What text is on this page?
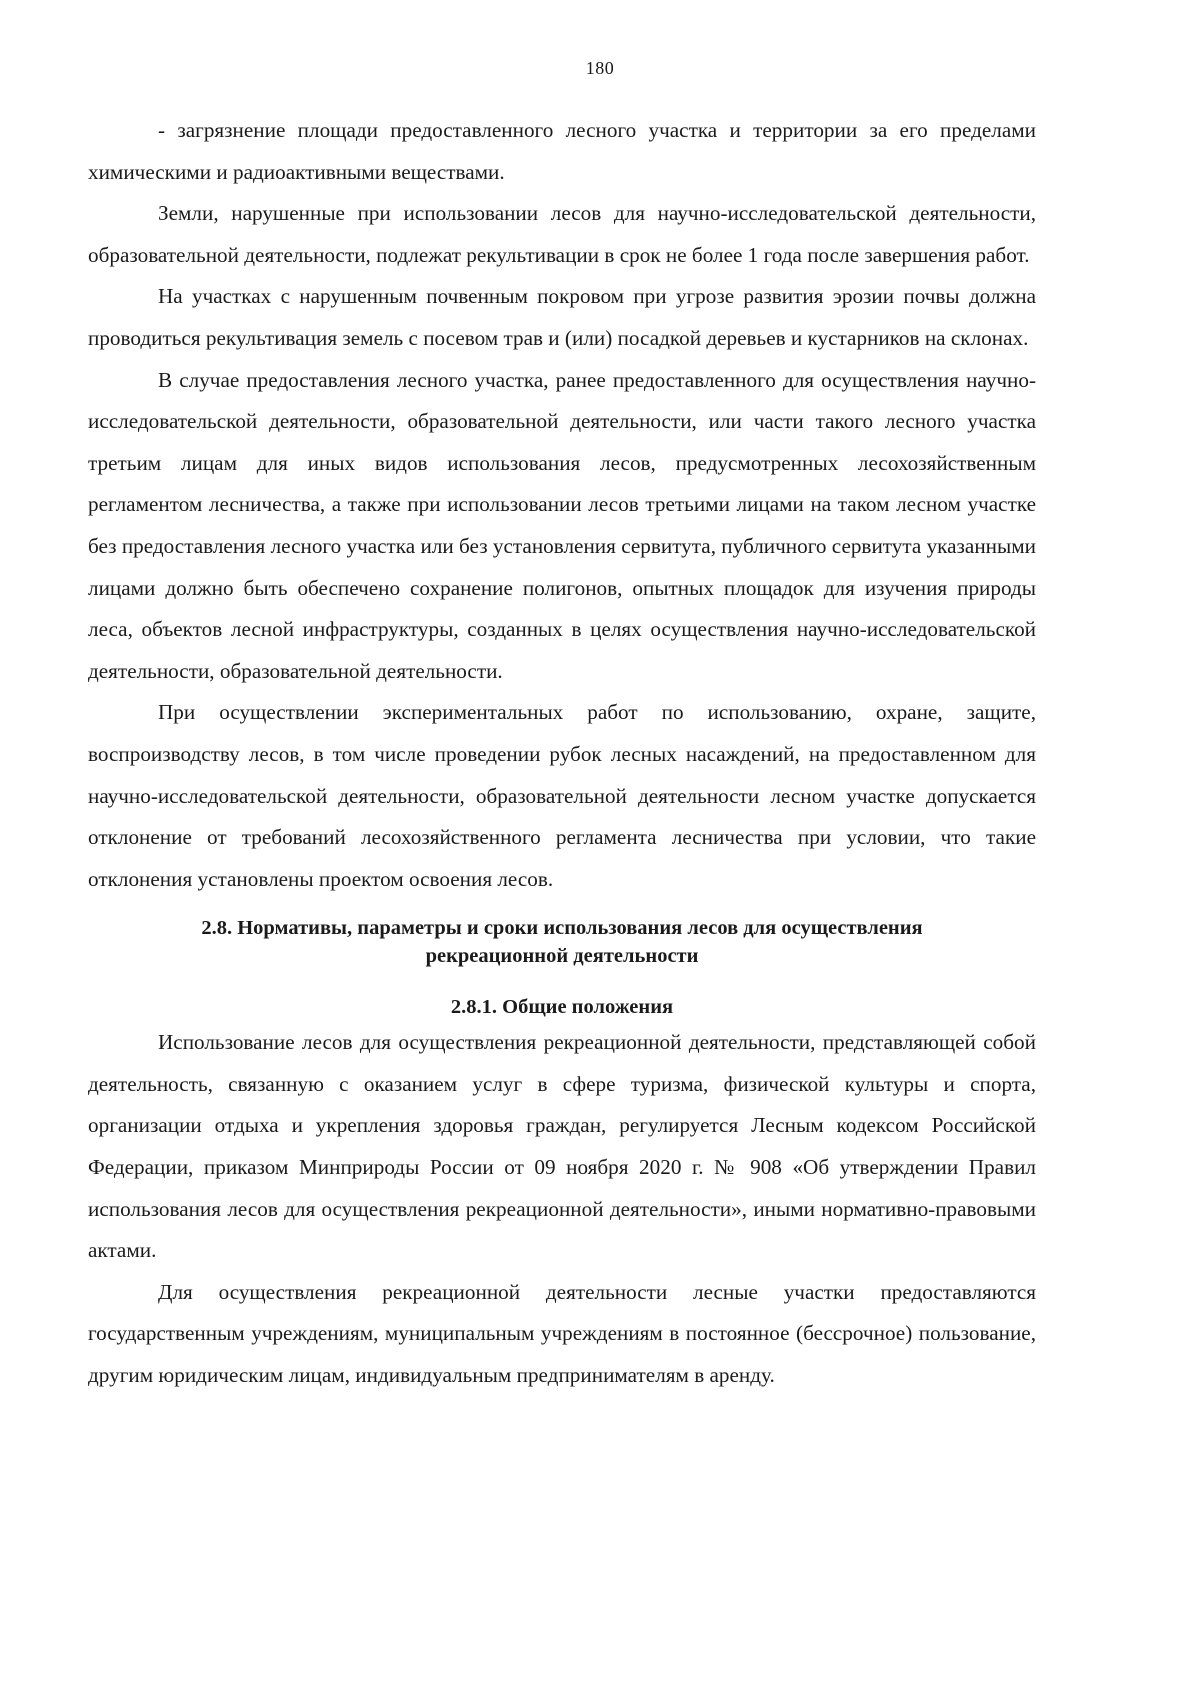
180

- загрязнение площади предоставленного лесного участка и территории за его пределами химическими и радиоактивными веществами.

Земли, нарушенные при использовании лесов для научно-исследовательской деятельности, образовательной деятельности, подлежат рекультивации в срок не более 1 года после завершения работ.

На участках с нарушенным почвенным покровом при угрозе развития эрозии почвы должна проводиться рекультивация земель с посевом трав и (или) посадкой деревьев и кустарников на склонах.

В случае предоставления лесного участка, ранее предоставленного для осуществления научно-исследовательской деятельности, образовательной деятельности, или части такого лесного участка третьим лицам для иных видов использования лесов, предусмотренных лесохозяйственным регламентом лесничества, а также при использовании лесов третьими лицами на таком лесном участке без предоставления лесного участка или без установления сервитута, публичного сервитута указанными лицами должно быть обеспечено сохранение полигонов, опытных площадок для изучения природы леса, объектов лесной инфраструктуры, созданных в целях осуществления научно-исследовательской деятельности, образовательной деятельности.

При осуществлении экспериментальных работ по использованию, охране, защите, воспроизводству лесов, в том числе проведении рубок лесных насаждений, на предоставленном для научно-исследовательской деятельности, образовательной деятельности лесном участке допускается отклонение от требований лесохозяйственного регламента лесничества при условии, что такие отклонения установлены проектом освоения лесов.

2.8. Нормативы, параметры и сроки использования лесов для осуществления
рекреационной деятельности
2.8.1. Общие положения

Использование лесов для осуществления рекреационной деятельности, представляющей собой деятельность, связанную с оказанием услуг в сфере туризма, физической культуры и спорта, организации отдыха и укрепления здоровья граждан, регулируется Лесным кодексом Российской Федерации, приказом Минприроды России от 09 ноября 2020 г. № 908 «Об утверждении Правил использования лесов для осуществления рекреационной деятельности», иными нормативно-правовыми актами.

Для осуществления рекреационной деятельности лесные участки предоставляются государственным учреждениям, муниципальным учреждениям в постоянное (бессрочное) пользование, другим юридическим лицам, индивидуальным предпринимателям в аренду.
